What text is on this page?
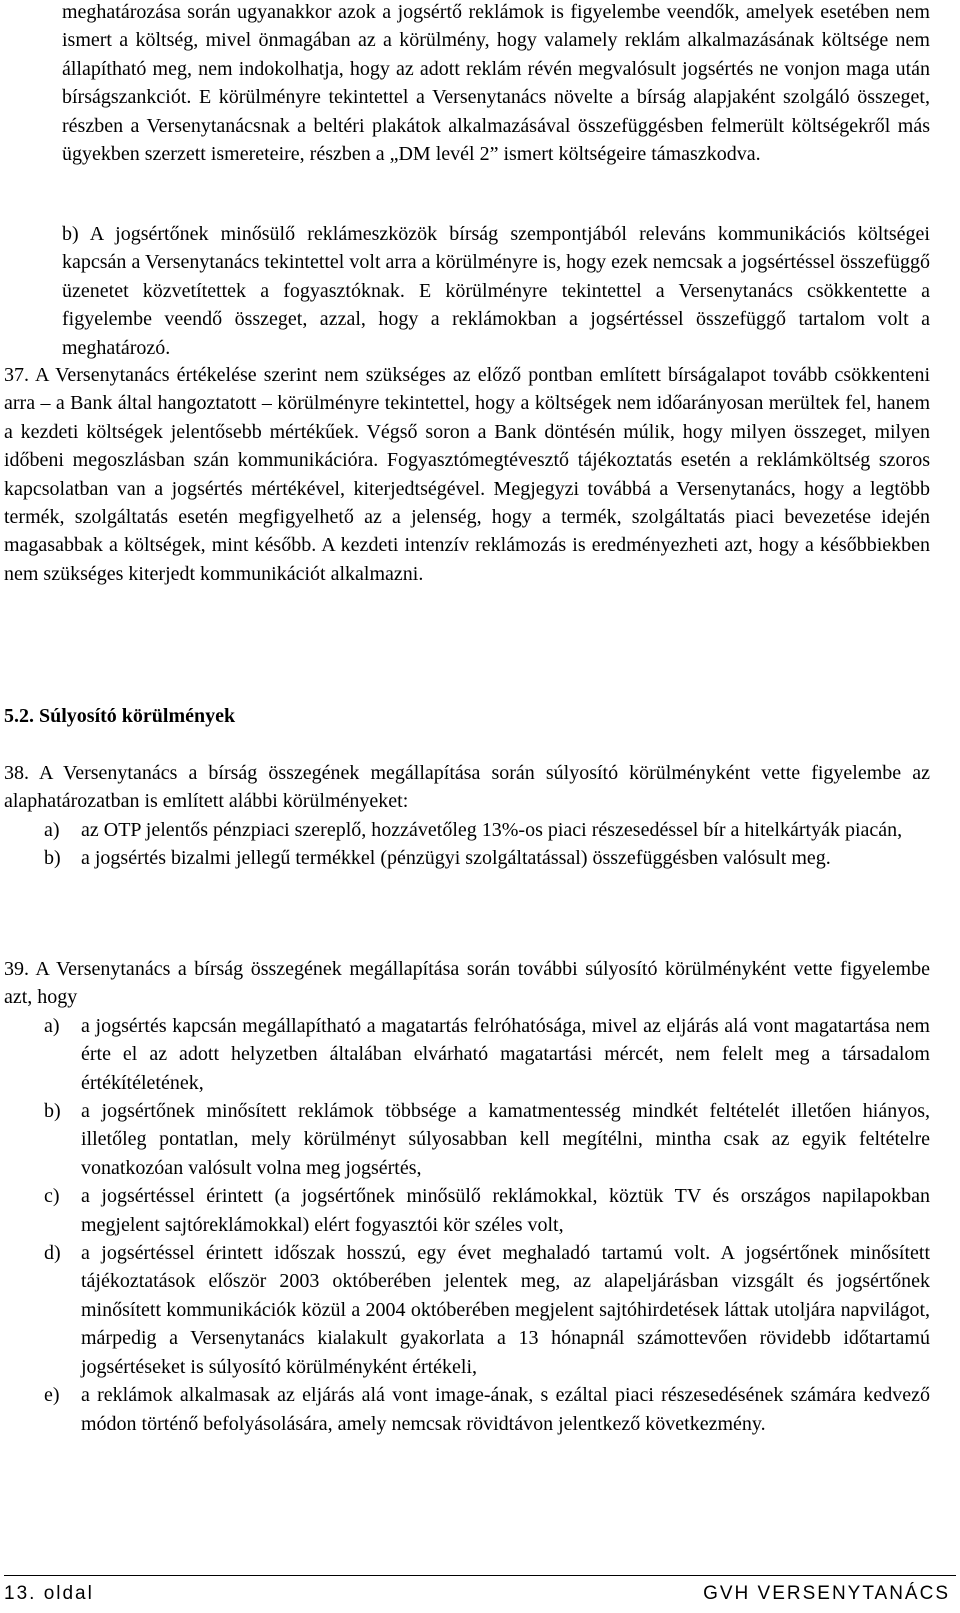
meghatározása során ugyanakkor azok a jogsértő reklámok is figyelembe veendők, amelyek esetében nem ismert a költség, mivel önmagában az a körülmény, hogy valamely reklám alkalmazásának költsége nem állapítható meg, nem indokolhatja, hogy az adott reklám révén megvalósult jogsértés ne vonjon maga után bírságszankciót. E körülményre tekintettel a Versenytanács növelte a bírság alapjaként szolgáló összeget, részben a Versenytanácsnak a beltéri plakátok alkalmazásával összefüggésben felmerült költségekről más ügyekben szerzett ismereteire, részben a „DM levél 2” ismert költségeire támaszkodva.

b) A jogsértőnek minősülő reklámeszközök bírság szempontjából releváns kommunikációs költségei kapcsán a Versenytanács tekintettel volt arra a körülményre is, hogy ezek nemcsak a jogsértéssel összefüggő üzenetet közvetítettek a fogyasztóknak. E körülményre tekintettel a Versenytanács csökkentette a figyelembe veendő összeget, azzal, hogy a reklámokban a jogsértéssel összefüggő tartalom volt a meghatározó.

37. A Versenytanács értékelése szerint nem szükséges az előző pontban említett bírságalapot tovább csökkenteni arra – a Bank által hangoztatott – körülményre tekintettel, hogy a költségek nem időarányosan merültek fel, hanem a kezdeti költségek jelentősebb mértékűek. Végső soron a Bank döntésén múlik, hogy milyen összeget, milyen időbeni megoszlásban szán kommunikációra. Fogyasztómegtévesztő tájékoztatás esetén a reklámköltség szoros kapcsolatban van a jogsértés mértékével, kiterjedtségével. Megjegyzi továbbá a Versenytanács, hogy a legtöbb termék, szolgáltatás esetén megfigyelhető az a jelenség, hogy a termék, szolgáltatás piaci bevezetése idején magasabbak a költségek, mint később. A kezdeti intenzív reklámozás is eredményezheti azt, hogy a későbbiekben nem szükséges kiterjedt kommunikációt alkalmazni.

5.2. Súlyosító körülmények

38. A Versenytanács a bírság összegének megállapítása során súlyosító körülményként vette figyelembe az alaphatározatban is említett alábbi körülményeket:

a) az OTP jelentős pénzpiaci szereplő, hozzávetőleg 13%-os piaci részesedéssel bír a hitelkártyák piacán,
b) a jogsértés bizalmi jellegű termékkel (pénzügyi szolgáltatással) összefüggésben valósult meg.

39. A Versenytanács a bírság összegének megállapítása során további súlyosító körülményként vette figyelembe azt, hogy

a) a jogsértés kapcsán megállapítható a magatartás felróhatósága, mivel az eljárás alá vont magatartása nem érte el az adott helyzetben általában elvárható magatartási mércét, nem felelt meg a társadalom értékítéletének,
b) a jogsértőnek minősített reklámok többsége a kamatmentesség mindkét feltételét illetően hiányos, illetőleg pontatlan, mely körülményt súlyosabban kell megítélni, mintha csak az egyik feltételre vonatkozóan valósult volna meg jogsértés,
c) a jogsértéssel érintett (a jogsértőnek minősülő reklámokkal, köztük TV és országos napilapokban megjelent sajtóreklámokkal) elért fogyasztói kör széles volt,
d) a jogsértéssel érintett időszak hosszú, egy évet meghaladó tartamú volt. A jogsértőnek minősített tájékoztatások először 2003 októberében jelentek meg, az alapeljárásban vizsgált és jogsértőnek minősített kommunikációk közül a 2004 októberében megjelent sajtóhirdetések láttak utoljára napvilágot, márpedig a Versenytanács kialakult gyakorlata a 13 hónapnál számottevően rövidebb időtartamú jogsértéseket is súlyosító körülményként értékeli,
e) a reklámok alkalmasak az eljárás alá vont image-ának, s ezáltal piaci részesedésének számára kedvező módon történő befolyásolására, amely nemcsak rövidtávon jelentkező következmény.
13. oldal	GVH VERSENYTANÁCS
